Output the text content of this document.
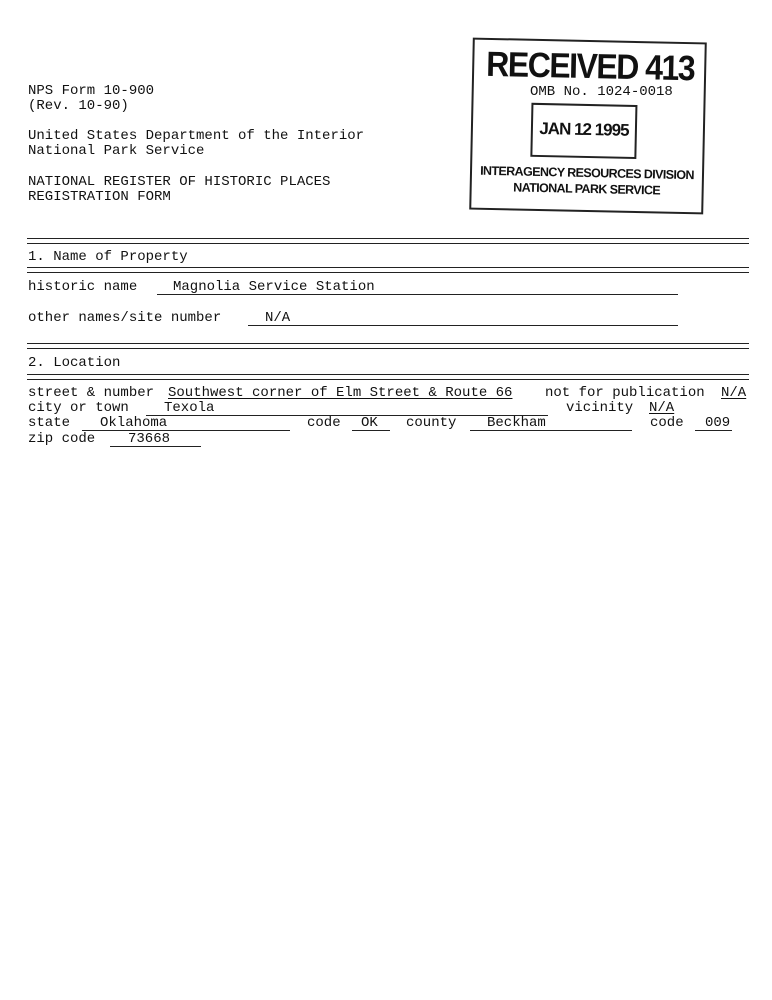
NPS Form 10-900
(Rev. 10-90)
United States Department of the Interior
National Park Service
NATIONAL REGISTER OF HISTORIC PLACES
REGISTRATION FORM
OMB No. 1024-0018
RECEIVED 413
JAN 12 1995
INTERAGENCY RESOURCES DIVISION
NATIONAL PARK SERVICE
1. Name of Property
historic name	Magnolia Service Station
other names/site number	N/A
2. Location
street & number Southwest corner of Elm Street & Route 66 not for publication N/A
city or town	Texola	vicinity N/A
state Oklahoma	code OK county Beckham	code 009
zip code 73668
